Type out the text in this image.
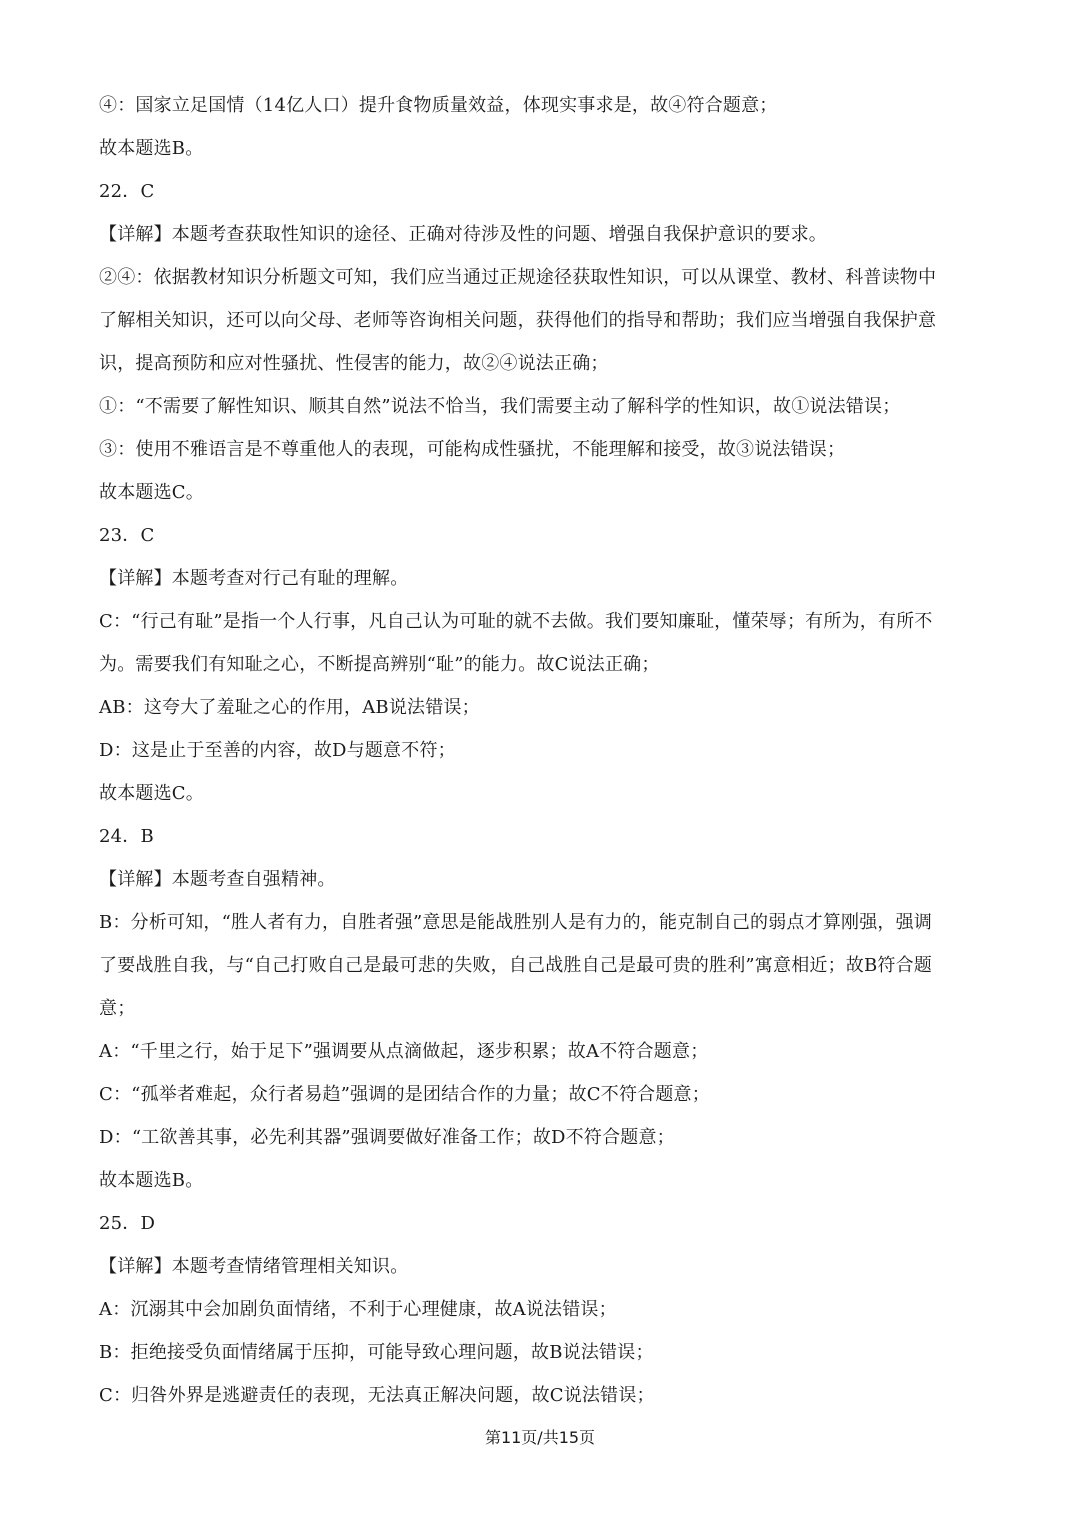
④：国家立足国情（14亿人口）提升食物质量效益，体现实事求是，故④符合题意；
故本题选B。
22．C
【详解】本题考查获取性知识的途径、正确对待涉及性的问题、增强自我保护意识的要求。
②④：依据教材知识分析题文可知，我们应当通过正规途径获取性知识，可以从课堂、教材、科普读物中
了解相关知识，还可以向父母、老师等咨询相关问题，获得他们的指导和帮助；我们应当增强自我保护意
识，提高预防和应对性骚扰、性侵害的能力，故②④说法正确；
①：“不需要了解性知识、顺其自然”说法不恰当，我们需要主动了解科学的性知识，故①说法错误；
③：使用不雅语言是不尊重他人的表现，可能构成性骚扰，不能理解和接受，故③说法错误；
故本题选C。
23．C
【详解】本题考查对行己有耻的理解。
C：“行己有耻”是指一个人行事，凡自己认为可耻的就不去做。我们要知廉耻，懂荣辱；有所为，有所不
为。需要我们有知耻之心，不断提高辨别“耻”的能力。故C说法正确；
AB：这夸大了羞耻之心的作用，AB说法错误；
D：这是止于至善的内容，故D与题意不符；
故本题选C。
24．B
【详解】本题考查自强精神。
B：分析可知，“胜人者有力，自胜者强”意思是能战胜别人是有力的，能克制自己的弱点才算刚强，强调
了要战胜自我，与“自己打败自己是最可悲的失败，自己战胜自己是最可贵的胜利”寓意相近；故B符合题
意；
A：“千里之行，始于足下”强调要从点滴做起，逐步积累；故A不符合题意；
C：“孤举者难起，众行者易趋”强调的是团结合作的力量；故C不符合题意；
D：“工欲善其事，必先利其器”强调要做好准备工作；故D不符合题意；
故本题选B。
25．D
【详解】本题考查情绪管理相关知识。
A：沉溺其中会加剧负面情绪，不利于心理健康，故A说法错误；
B：拒绝接受负面情绪属于压抑，可能导致心理问题，故B说法错误；
C：归咎外界是逃避责任的表现，无法真正解决问题，故C说法错误；
第11页/共15页
